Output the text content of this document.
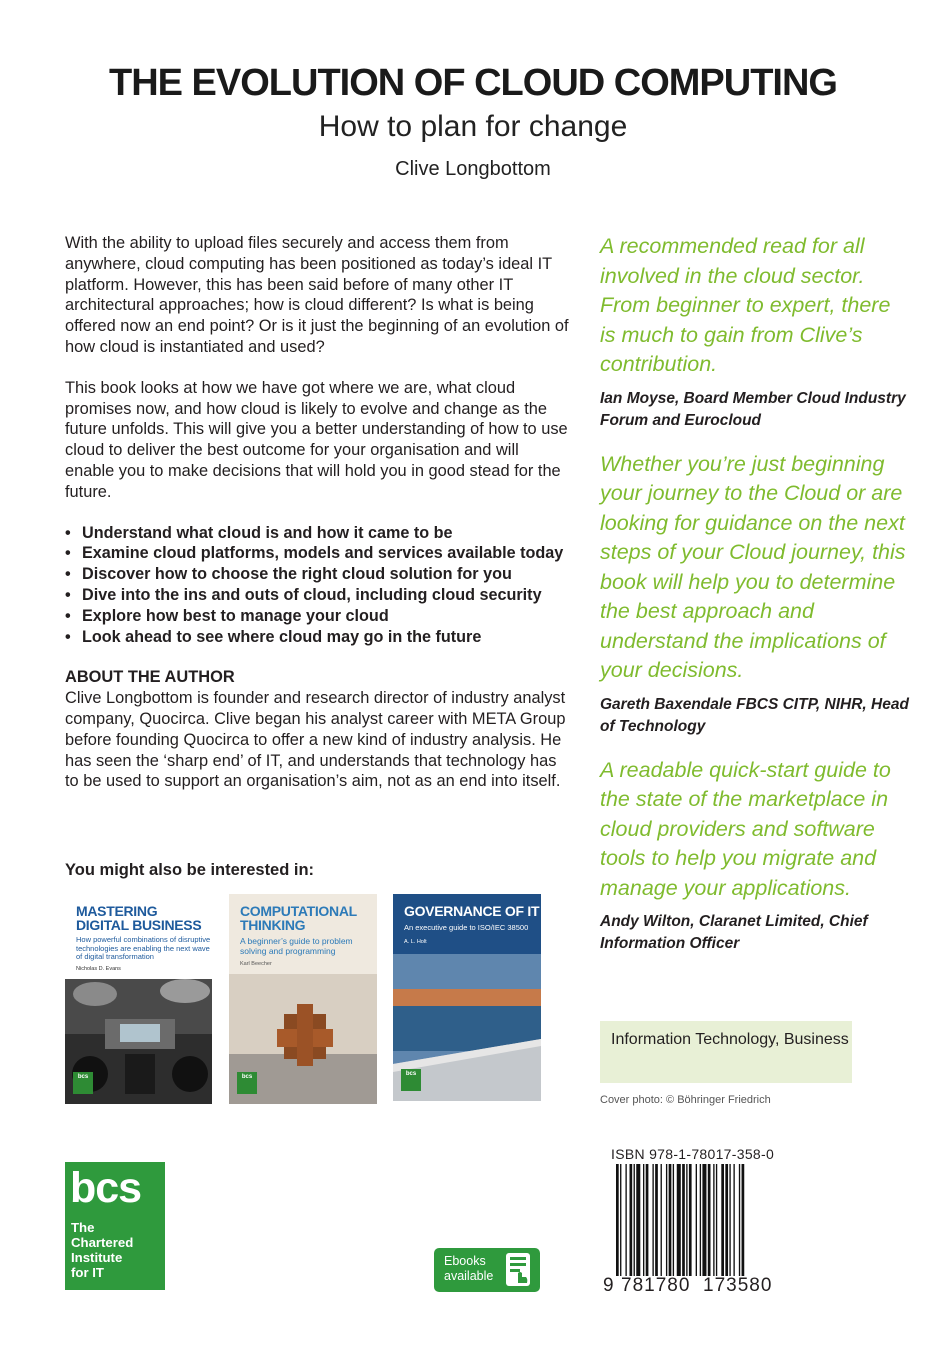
THE EVOLUTION OF CLOUD COMPUTING
How to plan for change
Clive Longbottom

With the ability to upload files securely and access them from anywhere, cloud computing has been positioned as today’s ideal IT platform. However, this has been said before of many other IT architectural approaches; how is cloud different? Is what is being offered now an end point? Or is it just the beginning of an evolution of how cloud is instantiated and used?

This book looks at how we have got where we are, what cloud promises now, and how cloud is likely to evolve and change as the future unfolds. This will give you a better understanding of how to use cloud to deliver the best outcome for your organisation and will enable you to make decisions that will hold you in good stead for the future.

• Understand what cloud is and how it came to be
• Examine cloud platforms, models and services available today
• Discover how to choose the right cloud solution for you
• Dive into the ins and outs of cloud, including cloud security
• Explore how best to manage your cloud
• Look ahead to see where cloud may go in the future
ABOUT THE AUTHOR

Clive Longbottom is founder and research director of industry analyst company, Quocirca. Clive began his analyst career with META Group before founding Quocirca to offer a new kind of industry analysis. He has seen the ‘sharp end’ of IT, and understands that technology has to be used to support an organisation’s aim, not as an end into itself.

You might also be interested in:
MASTERING DIGITAL BUSINESS
How powerful combinations of disruptive technologies are enabling the next wave of digital transformation
Nicholas D. Evans
bcs
COMPUTATIONAL THINKING
A beginner’s guide to problem solving and programming
Karl Beecher
bcs
GOVERNANCE OF IT
An executive guide to ISO/IEC 38500
A. L. Holt
bcs

A recommended read for all involved in the cloud sector. From beginner to expert, there is much to gain from Clive’s contribution.

Ian Moyse, Board Member Cloud Industry Forum and Eurocloud

Whether you’re just beginning your journey to the Cloud or are looking for guidance on the next steps of your Cloud journey, this book will help you to determine the best approach and understand the implications of your decisions.

Gareth Baxendale FBCS CITP, NIHR, Head of Technology

A readable quick-start guide to the state of the marketplace in cloud providers and software tools to help you migrate and manage your applications.

Andy Wilton, Claranet Limited, Chief Information Officer

Information Technology, Business
Cover photo: © Böhringer Friedrich
ISBN 978-1-78017-358-0
9 781780 173580
bcs
The
Chartered
Institute
for IT
Ebooks
available
